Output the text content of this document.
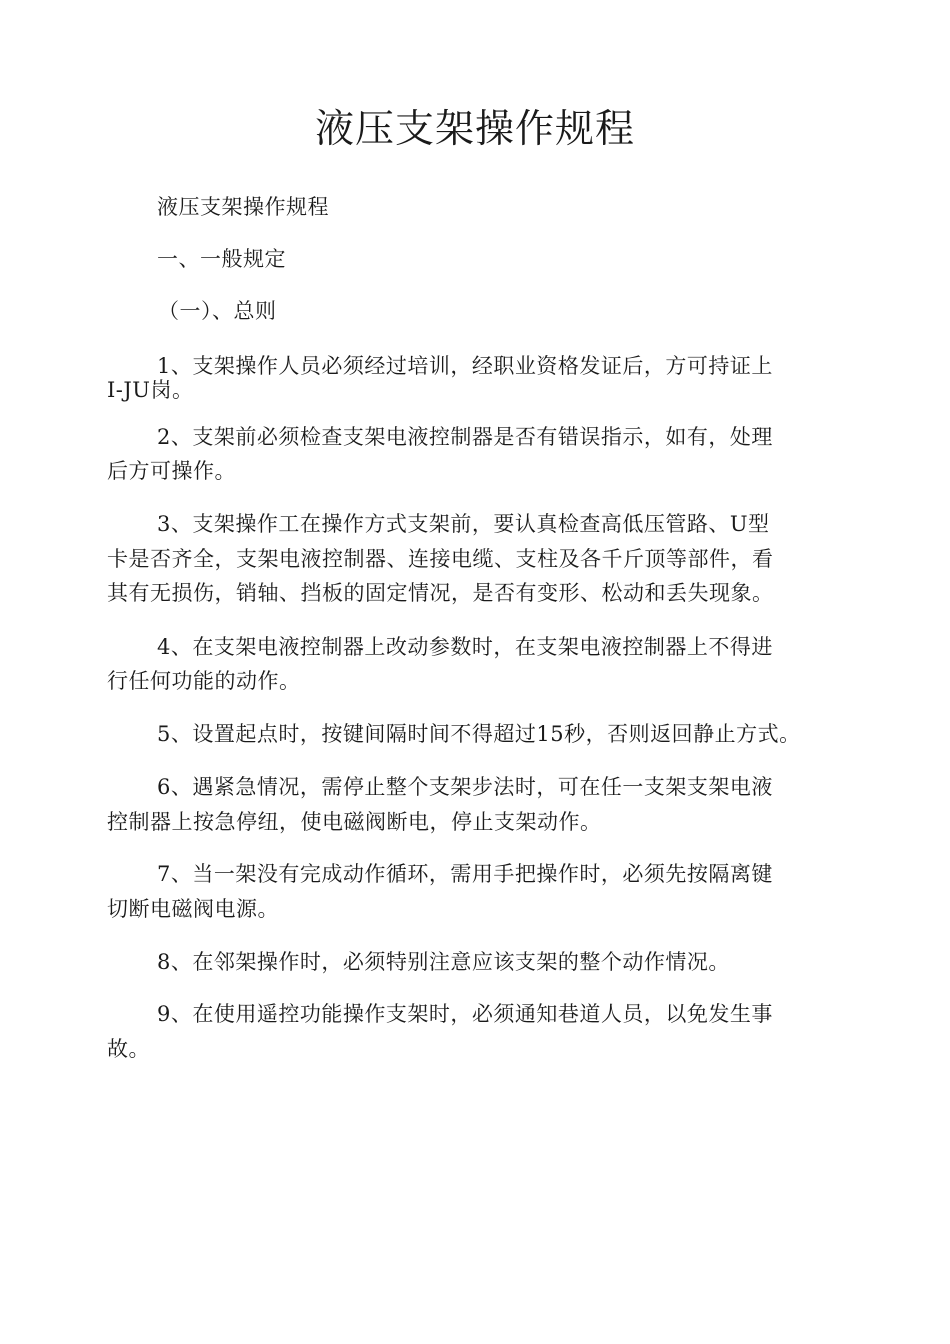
液压支架操作规程
液压支架操作规程
一、一般规定
（一）、总则
1、支架操作人员必须经过培训，经职业资格发证后，方可持证上
I-JU岗。
2、支架前必须检查支架电液控制器是否有错误指示，如有，处理
后方可操作。
3、支架操作工在操作方式支架前，要认真检查高低压管路、U型
卡是否齐全，支架电液控制器、连接电缆、支柱及各千斤顶等部件，看
其有无损伤，销轴、挡板的固定情况，是否有变形、松动和丢失现象。
4、在支架电液控制器上改动参数时，在支架电液控制器上不得进
行任何功能的动作。
5、设置起点时，按键间隔时间不得超过15秒，否则返回静止方式。
6、遇紧急情况，需停止整个支架步法时，可在任一支架支架电液
控制器上按急停纽，使电磁阀断电，停止支架动作。
7、当一架没有完成动作循环，需用手把操作时，必须先按隔离键
切断电磁阀电源。
8、在邻架操作时，必须特别注意应该支架的整个动作情况。
9、在使用遥控功能操作支架时，必须通知巷道人员，以免发生事
故。
